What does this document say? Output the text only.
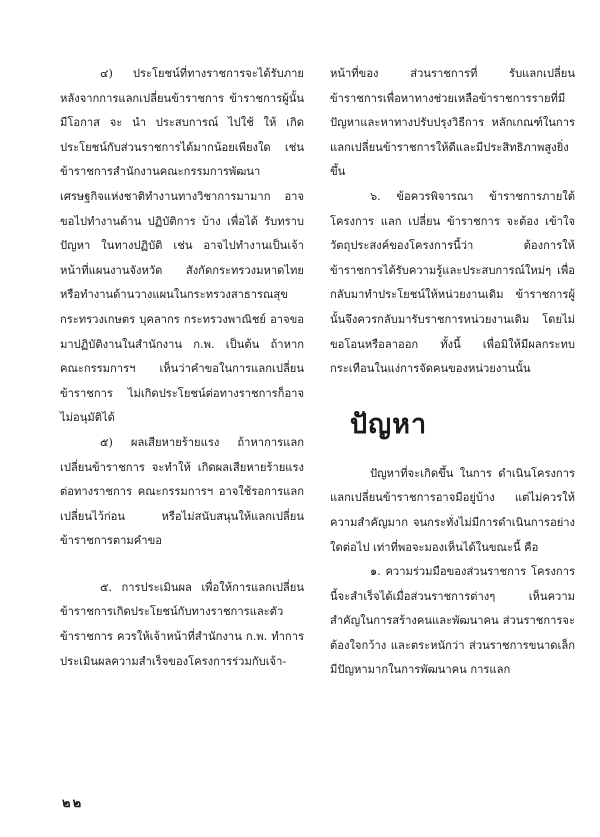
๔) ประโยชน์ที่ทางราชการจะได้รับภายหลังจากการแลกเปลี่ยนข้าราชการ ข้าราชการผู้นั้น มีโอกาส จะ นำ ประสบการณ์ ไปใช้ ให้ เกิดประโยชน์กับส่วนราชการได้มากน้อยเพียงใด เช่น ข้าราชการสำนักงานคณะกรรมการพัฒนาเศรษฐกิจแห่งชาติทำงานทางวิชาการมามาก อาจขอไปทำงานด้าน ปฏิบัติการ บ้าง เพื่อได้ รับทราบ ปัญหา ในทางปฏิบัติ เช่น อาจไปทำงานเป็นเจ้าหน้าที่แผนงานจังหวัด สังกัดกระทรวงมหาดไทย หรือทำงานด้านวางแผนในกระทรวงสาธารณสุข กระทรวงเกษตร บุคลากร กระทรวงพาณิชย์ อาจขอมาปฏิบัติงานในสำนักงาน ก.พ. เป็นต้น ถ้าหากคณะกรรมการฯ เห็นว่าคำขอในการแลกเปลี่ยนข้าราชการ ไม่เกิดประโยชน์ต่อทางราชการก็อาจไม่อนุมัติได้

๕) ผลเสียหายร้ายแรง ถ้าหาการแลก เปลี่ยนข้าราชการ จะทำให้ เกิดผลเสียหายร้ายแรงต่อทางราชการ คณะกรรมการฯ อาจใช้รอการแลกเปลี่ยนไว้ก่อน หรือไม่สนับสนุนให้แลกเปลี่ยนข้าราชการตามคำขอ

๕. การประเมินผล เพื่อให้การแลกเปลี่ยนข้าราชการเกิดประโยชน์กับทางราชการและตัวข้าราชการ ควรให้เจ้าหน้าที่สำนักงาน ก.พ. ทำการประเมินผลความสำเร็จของโครงการร่วมกับเจ้า-

หน้าที่ของ ส่วนราชการที่ รับแลกเปลี่ยน ข้าราชการเพื่อหาทางช่วยเหลือข้าราชการรายที่มีปัญหาและหาทางปรับปรุงวิธีการ หลักเกณฑ์ในการแลกเปลี่ยนข้าราชการให้ดีและมีประสิทธิภาพสูงยิ่งขึ้น

๖. ข้อควรพิจารณา ข้าราชการภายใต้โครงการ แลก เปลี่ยน ข้าราชการ จะต้อง เข้าใจวัตถุประสงค์ของโครงการนี้ว่า ต้องการให้ข้าราชการได้รับความรู้และประสบการณ์ใหม่ๆ เพื่อกลับมาทำประโยชน์ให้หน่วยงานเดิม ข้าราชการผู้นั้นจึงควรกลับมารับราชการหน่วยงานเดิม โดยไม่ขอโอนหรือลาออก ทั้งนี้ เพื่อมิให้มีผลกระทบกระเทือนในแง่การจัดคนของหน่วยงานนั้น

ปัญหา

ปัญหาที่จะเกิดขึ้น ในการ ดำเนินโครงการแลกเปลี่ยนข้าราชการอาจมีอยู่บ้าง แต่ไม่ควรให้ความสำคัญมาก จนกระทั่งไม่มีการดำเนินการอย่างใดต่อไป เท่าที่พอจะมองเห็นได้ในขณะนี้ คือ

๑. ความร่วมมือของส่วนราชการ โครงการนี้จะสำเร็จได้เมื่อส่วนราชการต่างๆ เห็นความสำคัญในการสร้างคนและพัฒนาคน ส่วนราชการจะต้องใจกว้าง และตระหนักว่า ส่วนราชการขนาดเล็ก มีปัญหามากในการพัฒนาคน การแลก

๒๒
